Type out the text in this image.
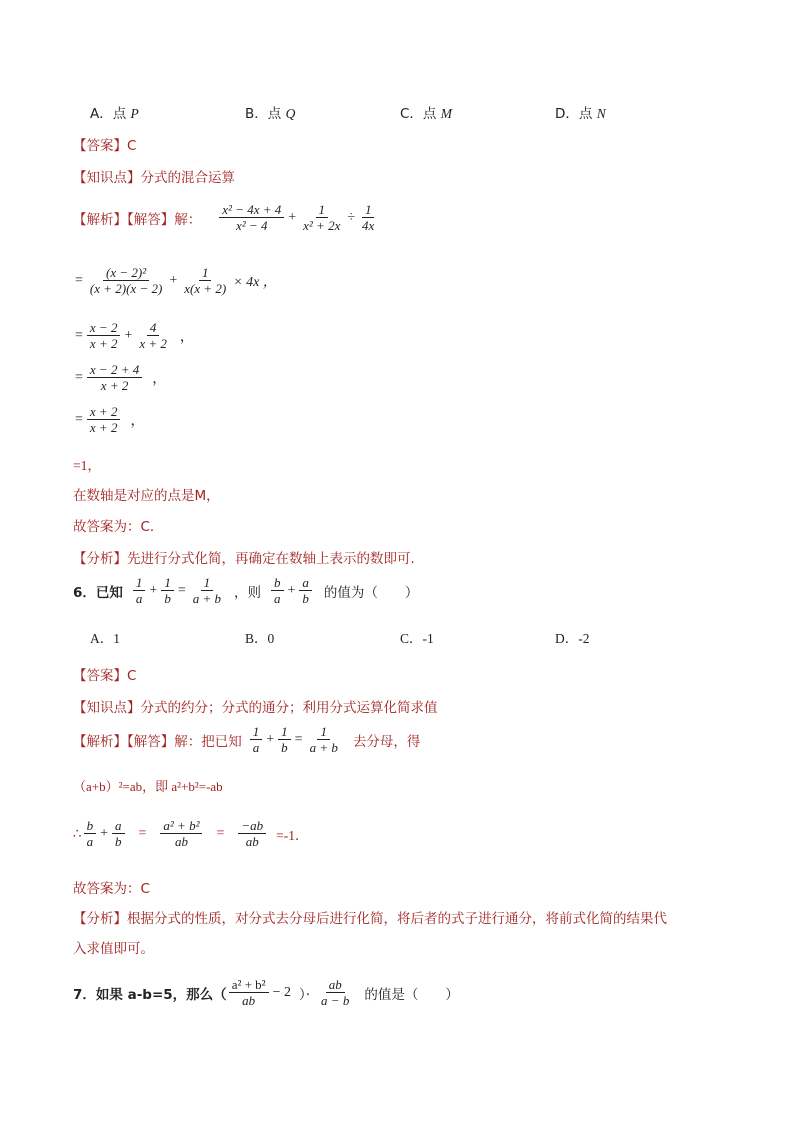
A．点 P	B．点 Q	C．点 M	D．点 N
【答案】C
【知识点】分式的混合运算
【解析】【解答】 解： $\frac{\text{x² − 4x + 4}}{\text{x² − 4}} + \frac{1}{\text{x² + 2x}} \div \frac{1}{4x}$
= $\frac{\text{(x − 2)²}}{(x + 2)(x - 2)} + \frac{1}{x(x + 2)} \times 4x$ ，
= $\frac{x - 2}{x + 2} + \frac{4}{x + 2}$ ，
= $\frac{x - 2 + 4}{x + 2}$ ，
= $\frac{x + 2}{x + 2}$ ，
=1，
在数轴是对应的点是M，
故答案为：C．
【分析】先进行分式化简，再确定在数轴上表示的数即可．
6．已知 $\frac{1}{a} + \frac{1}{b} = \frac{1}{a + b}$ ，则 $\frac{b}{a} + \frac{a}{b}$ 的值为（　　）
A．1	B．0	C．-1	D．-2
【答案】C
【知识点】分式的约分；分式的通分；利用分式运算化简求值
【解析】【解答】 解：把已知 $\frac{1}{a} + \frac{1}{b} = \frac{1}{a + b}$ 去分母，得
（a+b）²=ab，即 a²+b²=-ab
∴ $\frac{b}{a} + \frac{a}{b} = \frac{\text{a² + b²}}{ab} = \frac{-ab}{ab} =-1$．
故答案为：C
【分析】根据分式的性质，对分式去分母后进行化简，将后者的式子进行通分，将前式化简的结果代
入求值即可。
7．如果 a-b=5，那么（ $\frac{\text{a² + b²}}{ab} - 2$ ）· $\frac{ab}{a - b}$ 的值是（　　）
